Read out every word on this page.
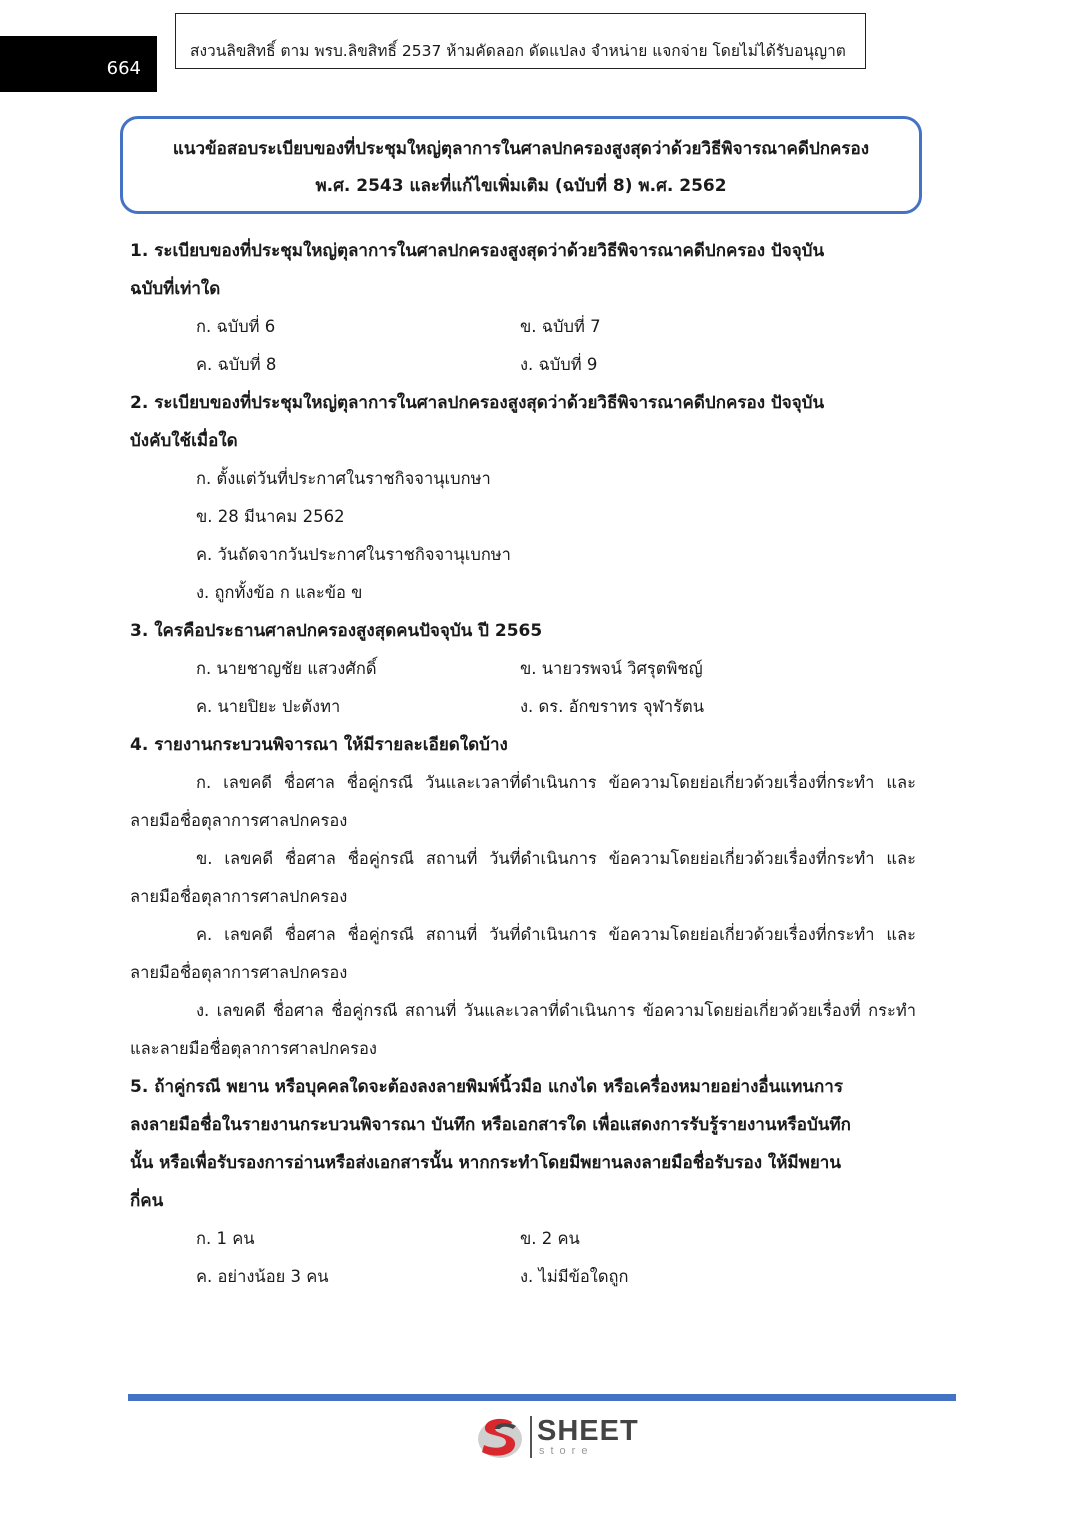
664
สงวนลิขสิทธิ์ ตาม พรบ.ลิขสิทธิ์ 2537 ห้ามคัดลอก ดัดแปลง จำหน่าย แจกจ่าย โดยไม่ได้รับอนุญาต
แนวข้อสอบระเบียบของที่ประชุมใหญ่ตุลาการในศาลปกครองสูงสุดว่าด้วยวิธีพิจารณาคดีปกครอง
พ.ศ. 2543 และที่แก้ไขเพิ่มเติม (ฉบับที่ 8) พ.ศ. 2562
1. ระเบียบของที่ประชุมใหญ่ตุลาการในศาลปกครองสูงสุดว่าด้วยวิธีพิจารณาคดีปกครอง ปัจจุบัน
ฉบับที่เท่าใด
ก. ฉบับที่ 6	ข. ฉบับที่ 7
ค. ฉบับที่ 8	ง. ฉบับที่ 9
2. ระเบียบของที่ประชุมใหญ่ตุลาการในศาลปกครองสูงสุดว่าด้วยวิธีพิจารณาคดีปกครอง ปัจจุบัน
บังคับใช้เมื่อใด
ก. ตั้งแต่วันที่ประกาศในราชกิจจานุเบกษา
ข. 28 มีนาคม 2562
ค. วันถัดจากวันประกาศในราชกิจจานุเบกษา
ง. ถูกทั้งข้อ ก และข้อ ข
3. ใครคือประธานศาลปกครองสูงสุดคนปัจจุบัน ปี 2565
ก. นายชาญชัย แสวงศักดิ์	ข. นายวรพจน์ วิศรุตพิชญ์
ค. นายปิยะ ปะตังทา	ง. ดร. อักขราทร จุฬารัตน
4. รายงานกระบวนพิจารณา ให้มีรายละเอียดใดบ้าง
ก. เลขคดี ชื่อศาล ชื่อคู่กรณี วันและเวลาที่ดำเนินการ ข้อความโดยย่อเกี่ยวด้วยเรื่องที่กระทำ และลายมือชื่อตุลาการศาลปกครอง
ข. เลขคดี ชื่อศาล ชื่อคู่กรณี สถานที่ วันที่ดำเนินการ ข้อความโดยย่อเกี่ยวด้วยเรื่องที่กระทำ และลายมือชื่อตุลาการศาลปกครอง
ค. เลขคดี ชื่อศาล ชื่อคู่กรณี สถานที่ วันที่ดำเนินการ ข้อความโดยย่อเกี่ยวด้วยเรื่องที่กระทำ และลายมือชื่อตุลาการศาลปกครอง
ง. เลขคดี ชื่อศาล ชื่อคู่กรณี สถานที่ วันและเวลาที่ดำเนินการ ข้อความโดยย่อเกี่ยวด้วยเรื่องที่ กระทำ และลายมือชื่อตุลาการศาลปกครอง
5. ถ้าคู่กรณี พยาน หรือบุคคลใดจะต้องลงลายพิมพ์นิ้วมือ แกงได หรือเครื่องหมายอย่างอื่นแทนการ
ลงลายมือชื่อในรายงานกระบวนพิจารณา บันทึก หรือเอกสารใด เพื่อแสดงการรับรู้รายงานหรือบันทึก
นั้น หรือเพื่อรับรองการอ่านหรือส่งเอกสารนั้น หากกระทำโดยมีพยานลงลายมือชื่อรับรอง ให้มีพยาน
กี่คน
ก. 1 คน	ข. 2 คน
ค. อย่างน้อย 3 คน	ง. ไม่มีข้อใดถูก
SHEET
store
